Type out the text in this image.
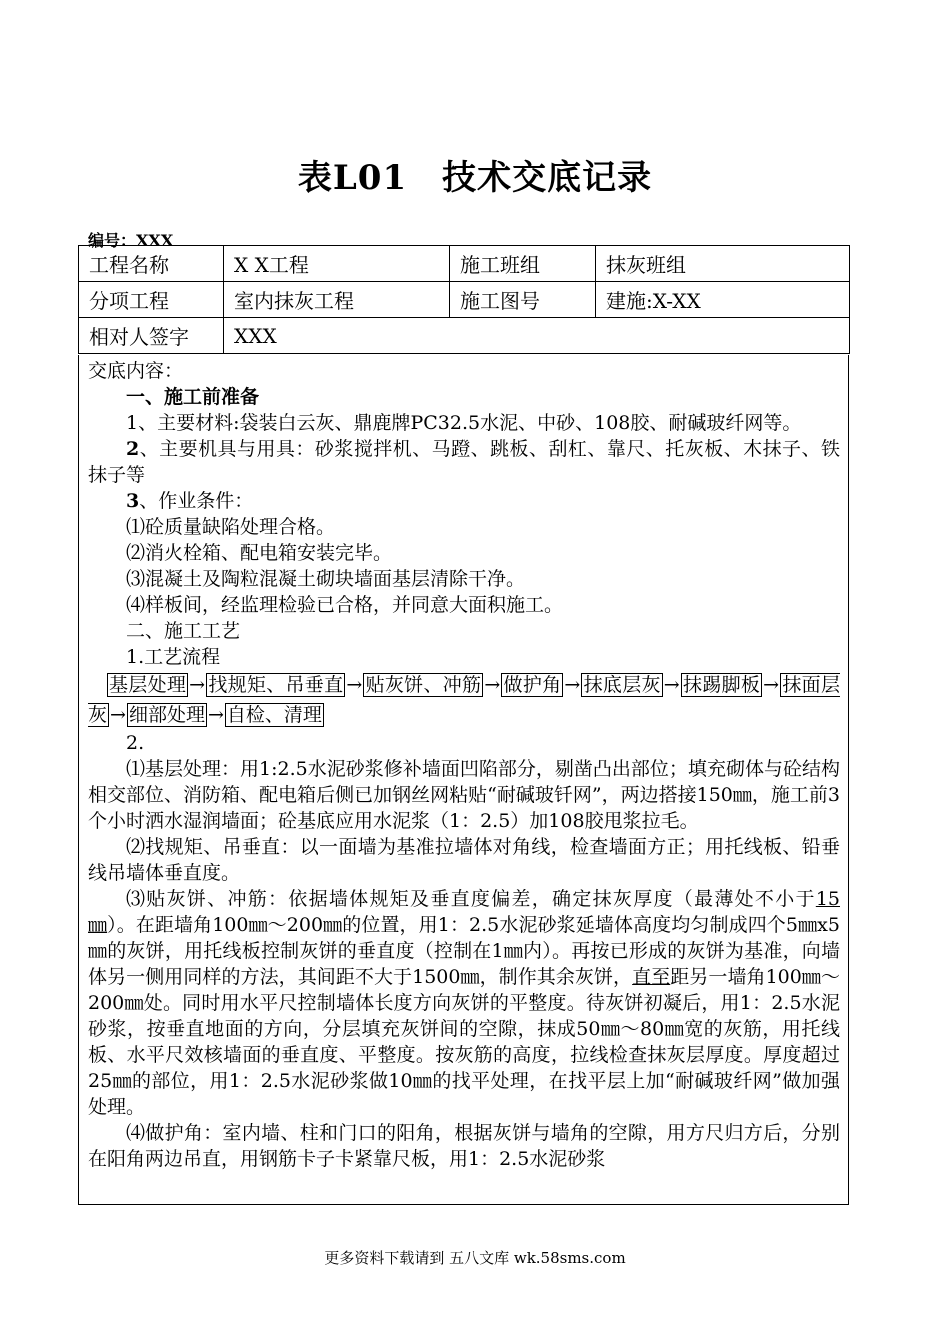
表L01　技术交底记录
编号：XXX
工程名称	X X工程	施工班组	抹灰班组
分项工程	室内抹灰工程	施工图号	建施:X-XX
相对人签字	XXX		

交底内容：

一、施工前准备

1、主要材料:袋装白云灰、鼎鹿牌PC32.5水泥、中砂、108胶、耐碱玻纤网等。

2、主要机具与用具：砂浆搅拌机、马蹬、跳板、刮杠、靠尺、托灰板、木抹子、铁抹子等

3、作业条件：

⑴砼质量缺陷处理合格。

⑵消火栓箱、配电箱安装完毕。

⑶混凝土及陶粒混凝土砌块墙面基层清除干净。

⑷样板间，经监理检验已合格，并同意大面积施工。

二、施工工艺

1.工艺流程

基层处理 → 找规矩、吊垂直 → 贴灰饼、冲筋 → 做护角 → 抹底层灰 → 抹踢脚板 → 抹面层灰 → 细部处理 → 自检、清理

2.

⑴基层处理：用1:2.5水泥砂浆修补墙面凹陷部分，剔凿凸出部位；填充砌体与砼结构相交部位、消防箱、配电箱后侧已加钢丝网粘贴“耐碱玻钎网”，两边搭接150㎜，施工前3个小时洒水湿润墙面；砼基底应用水泥浆（1：2.5）加108胶甩浆拉毛。

⑵找规矩、吊垂直：以一面墙为基准拉墙体对角线，检查墙面方正；用托线板、铅垂线吊墙体垂直度。

⑶贴灰饼、冲筋：依据墙体规矩及垂直度偏差，确定抹灰厚度（最薄处不小于15㎜）。在距墙角100㎜～200㎜的位置，用1：2.5水泥砂浆延墙体高度均匀制成四个5㎜x5㎜的灰饼，用托线板控制灰饼的垂直度（控制在1㎜内）。再按已形成的灰饼为基准，向墙体另一侧用同样的方法，其间距不大于1500㎜，制作其余灰饼，直至距另一墙角100㎜～200㎜处。同时用水平尺控制墙体长度方向灰饼的平整度。待灰饼初凝后，用1：2.5水泥砂浆，按垂直地面的方向，分层填充灰饼间的空隙，抹成50㎜～80㎜宽的灰筋，用托线板、水平尺效核墙面的垂直度、平整度。按灰筋的高度，拉线检查抹灰层厚度。厚度超过25㎜的部位，用1：2.5水泥砂浆做10㎜的找平处理，在找平层上加“耐碱玻纤网”做加强处理。

⑷做护角：室内墙、柱和门口的阳角，根据灰饼与墙角的空隙，用方尺归方后，分别在阳角两边吊直，用钢筋卡子卡紧靠尺板，用1：2.5水泥砂浆

更多资料下载请到 五八文库 wk.58sms.com
